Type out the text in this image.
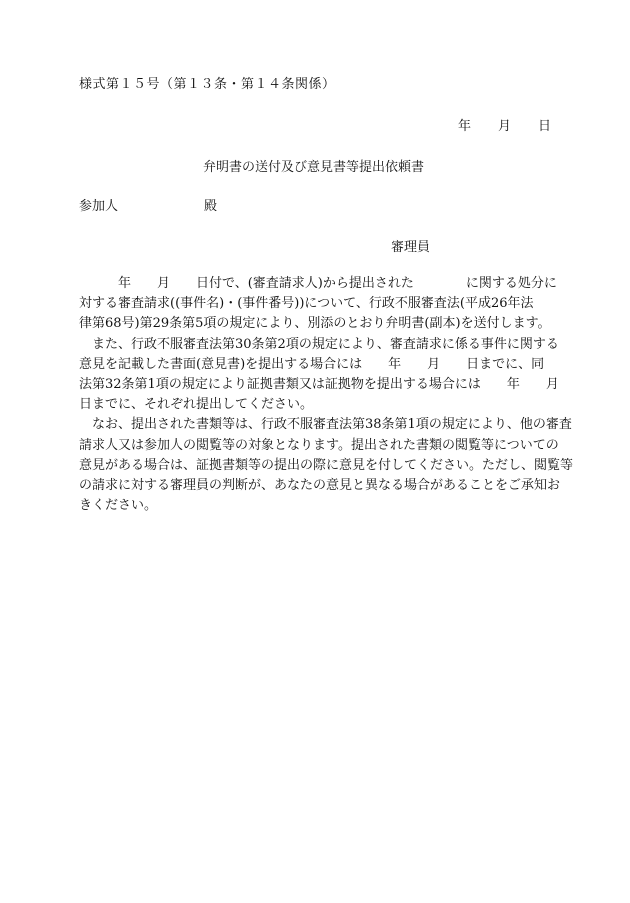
様式第１５号（第１３条・第１４条関係）
年 月 日
弁明書の送付及び意見書等提出依頼書
参加人	殿
審理員

　　　年　　月　　日付で、(審査請求人)から提出された　　　　に関する処分に

対する審査請求((事件名)・(事件番号))について、行政不服審査法(平成26年法

律第68号)第29条第5項の規定により、別添のとおり弁明書(副本)を送付します。

　また、行政不服審査法第30条第2項の規定により、審査請求に係る事件に関する

意見を記載した書面(意見書)を提出する場合には　　年　　月　　日までに、同

法第32条第1項の規定により証拠書類又は証拠物を提出する場合には　　年　　月

日までに、それぞれ提出してください。

　なお、提出された書類等は、行政不服審査法第38条第1項の規定により、他の審査

請求人又は参加人の閲覧等の対象となります。提出された書類の閲覧等についての

意見がある場合は、証拠書類等の提出の際に意見を付してください。ただし、閲覧等

の請求に対する審理員の判断が、あなたの意見と異なる場合があることをご承知お

きください。
